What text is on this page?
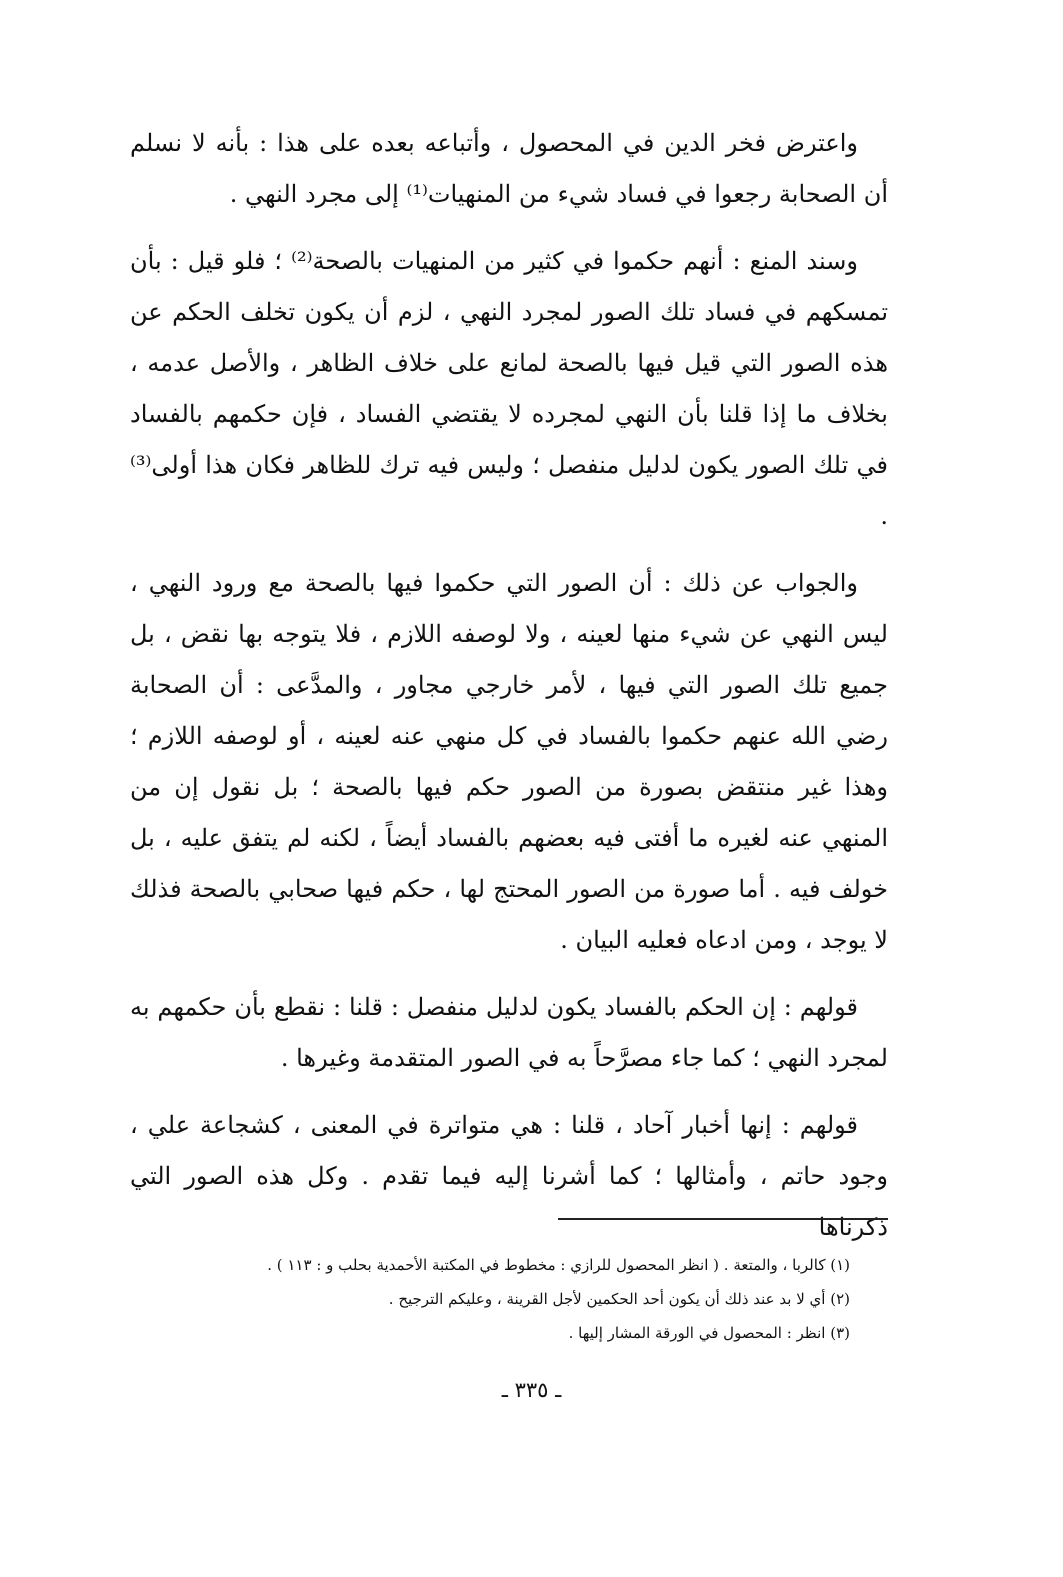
واعترض فخر الدين في المحصول ، وأتباعه بعده على هذا : بأنه لا نسلم أن الصحابة رجعوا في فساد شيء من المنهيات⁽¹⁾ إلى مجرد النهي .

وسند المنع : أنهم حكموا في كثير من المنهيات بالصحة⁽²⁾ ؛ فلو قيل : بأن تمسكهم في فساد تلك الصور لمجرد النهي ، لزم أن يكون تخلف الحكم عن هذه الصور التي قيل فيها بالصحة لمانع على خلاف الظاهر ، والأصل عدمه ، بخلاف ما إذا قلنا بأن النهي لمجرده لا يقتضي الفساد ، فإن حكمهم بالفساد في تلك الصور يكون لدليل منفصل ؛ وليس فيه ترك للظاهر فكان هذا أولى⁽³⁾ .

والجواب عن ذلك : أن الصور التي حكموا فيها بالصحة مع ورود النهي ، ليس النهي عن شيء منها لعينه ، ولا لوصفه اللازم ، فلا يتوجه بها نقض ، بل جميع تلك الصور التي فيها ، لأمر خارجي مجاور ، والمدَّعى : أن الصحابة رضي الله عنهم حكموا بالفساد في كل منهي عنه لعينه ، أو لوصفه اللازم ؛ وهذا غير منتقض بصورة من الصور حكم فيها بالصحة ؛ بل نقول إن من المنهي عنه لغيره ما أفتى فيه بعضهم بالفساد أيضاً ، لكنه لم يتفق عليه ، بل خولف فيه . أما صورة من الصور المحتج لها ، حكم فيها صحابي بالصحة فذلك لا يوجد ، ومن ادعاه فعليه البيان .

قولهم : إن الحكم بالفساد يكون لدليل منفصل : قلنا : نقطع بأن حكمهم به لمجرد النهي ؛ كما جاء مصرَّحاً به في الصور المتقدمة وغيرها .

قولهم : إنها أخبار آحاد ، قلنا : هي متواترة في المعنى ، كشجاعة علي ، وجود حاتم ، وأمثالها ؛ كما أشرنا إليه فيما تقدم . وكل هذه الصور التي ذكرناها

(١) كالربا ، والمتعة . ( انظر المحصول للرازي : مخطوط في المكتبة الأحمدية بحلب و : ١١٣ ) .

(٢) أي لا بد عند ذلك أن يكون أحد الحكمين لأجل القرينة ، وعليكم الترجيح .

(٣) انظر : المحصول في الورقة المشار إليها .

ـ ٣٣٥ ـ
